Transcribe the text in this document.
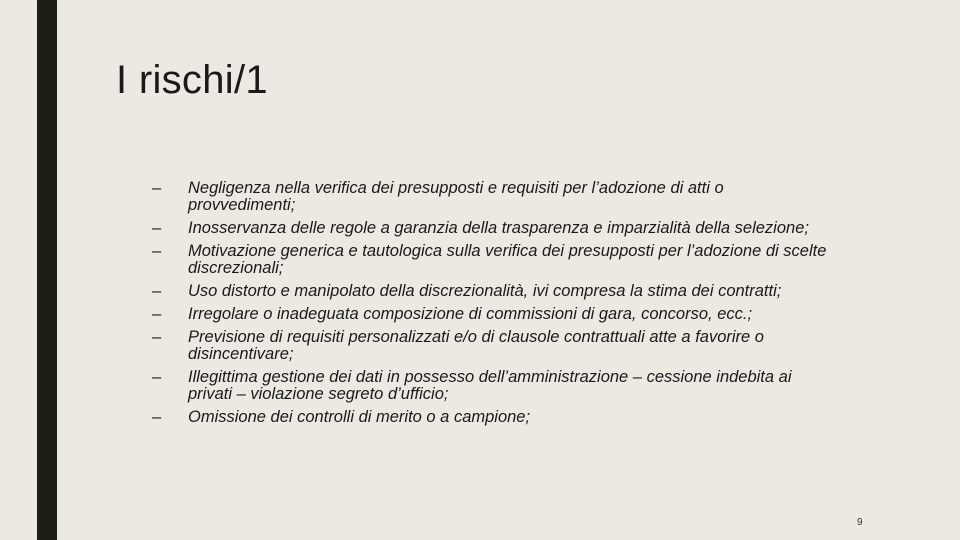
I rischi/1
– Negligenza nella verifica dei presupposti e requisiti per l’adozione di atti o provvedimenti;
– Inosservanza delle regole a garanzia della trasparenza e imparzialità della selezione;
– Motivazione generica e tautologica sulla verifica dei presupposti per l’adozione di scelte discrezionali;
– Uso distorto e manipolato della discrezionalità, ivi compresa la stima dei contratti;
– Irregolare o inadeguata composizione di commissioni di gara, concorso, ecc.;
– Previsione di requisiti personalizzati e/o di clausole contrattuali atte a favorire o disincentivare;
– Illegittima gestione dei dati in possesso dell’amministrazione – cessione indebita ai privati – violazione segreto d’ufficio;
– Omissione dei controlli di merito o a campione;
9
